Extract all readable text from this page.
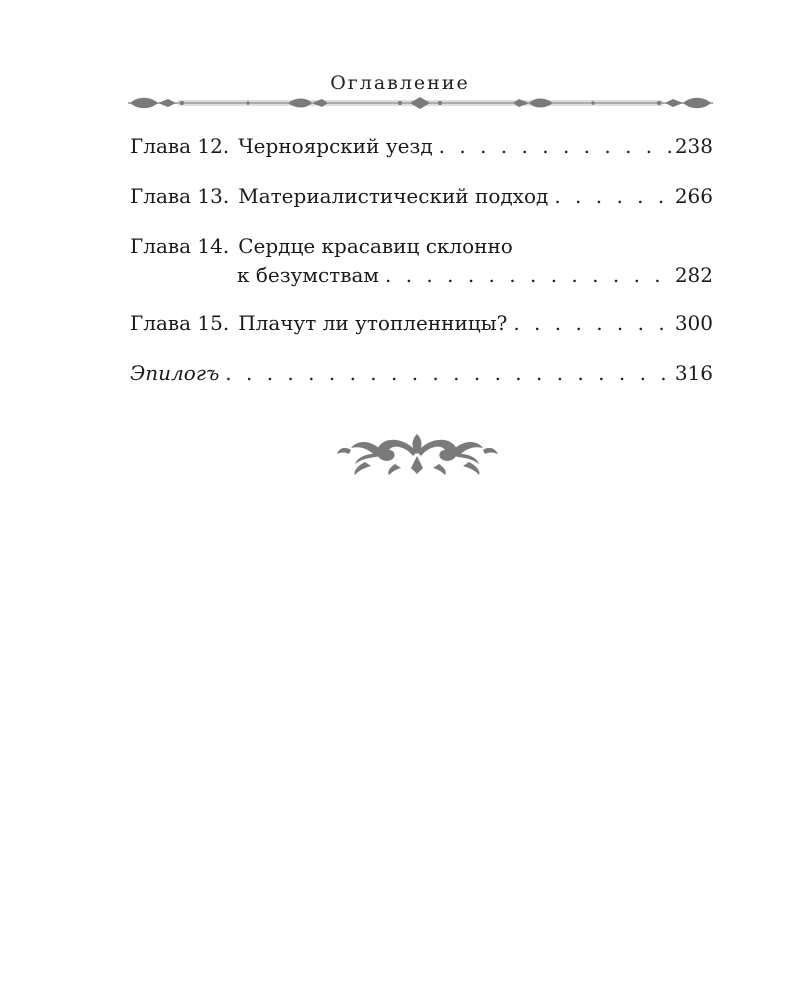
Оглавление
Глава 12. Черноярский уезд . . .	238
Глава 13. Материалистический подход . . .	266
Глава 14. Сердце красавиц склонно
к безумствам . . .	282
Глава 15. Плачут ли утопленницы? . . .	300
Эпилогъ . . .	316
